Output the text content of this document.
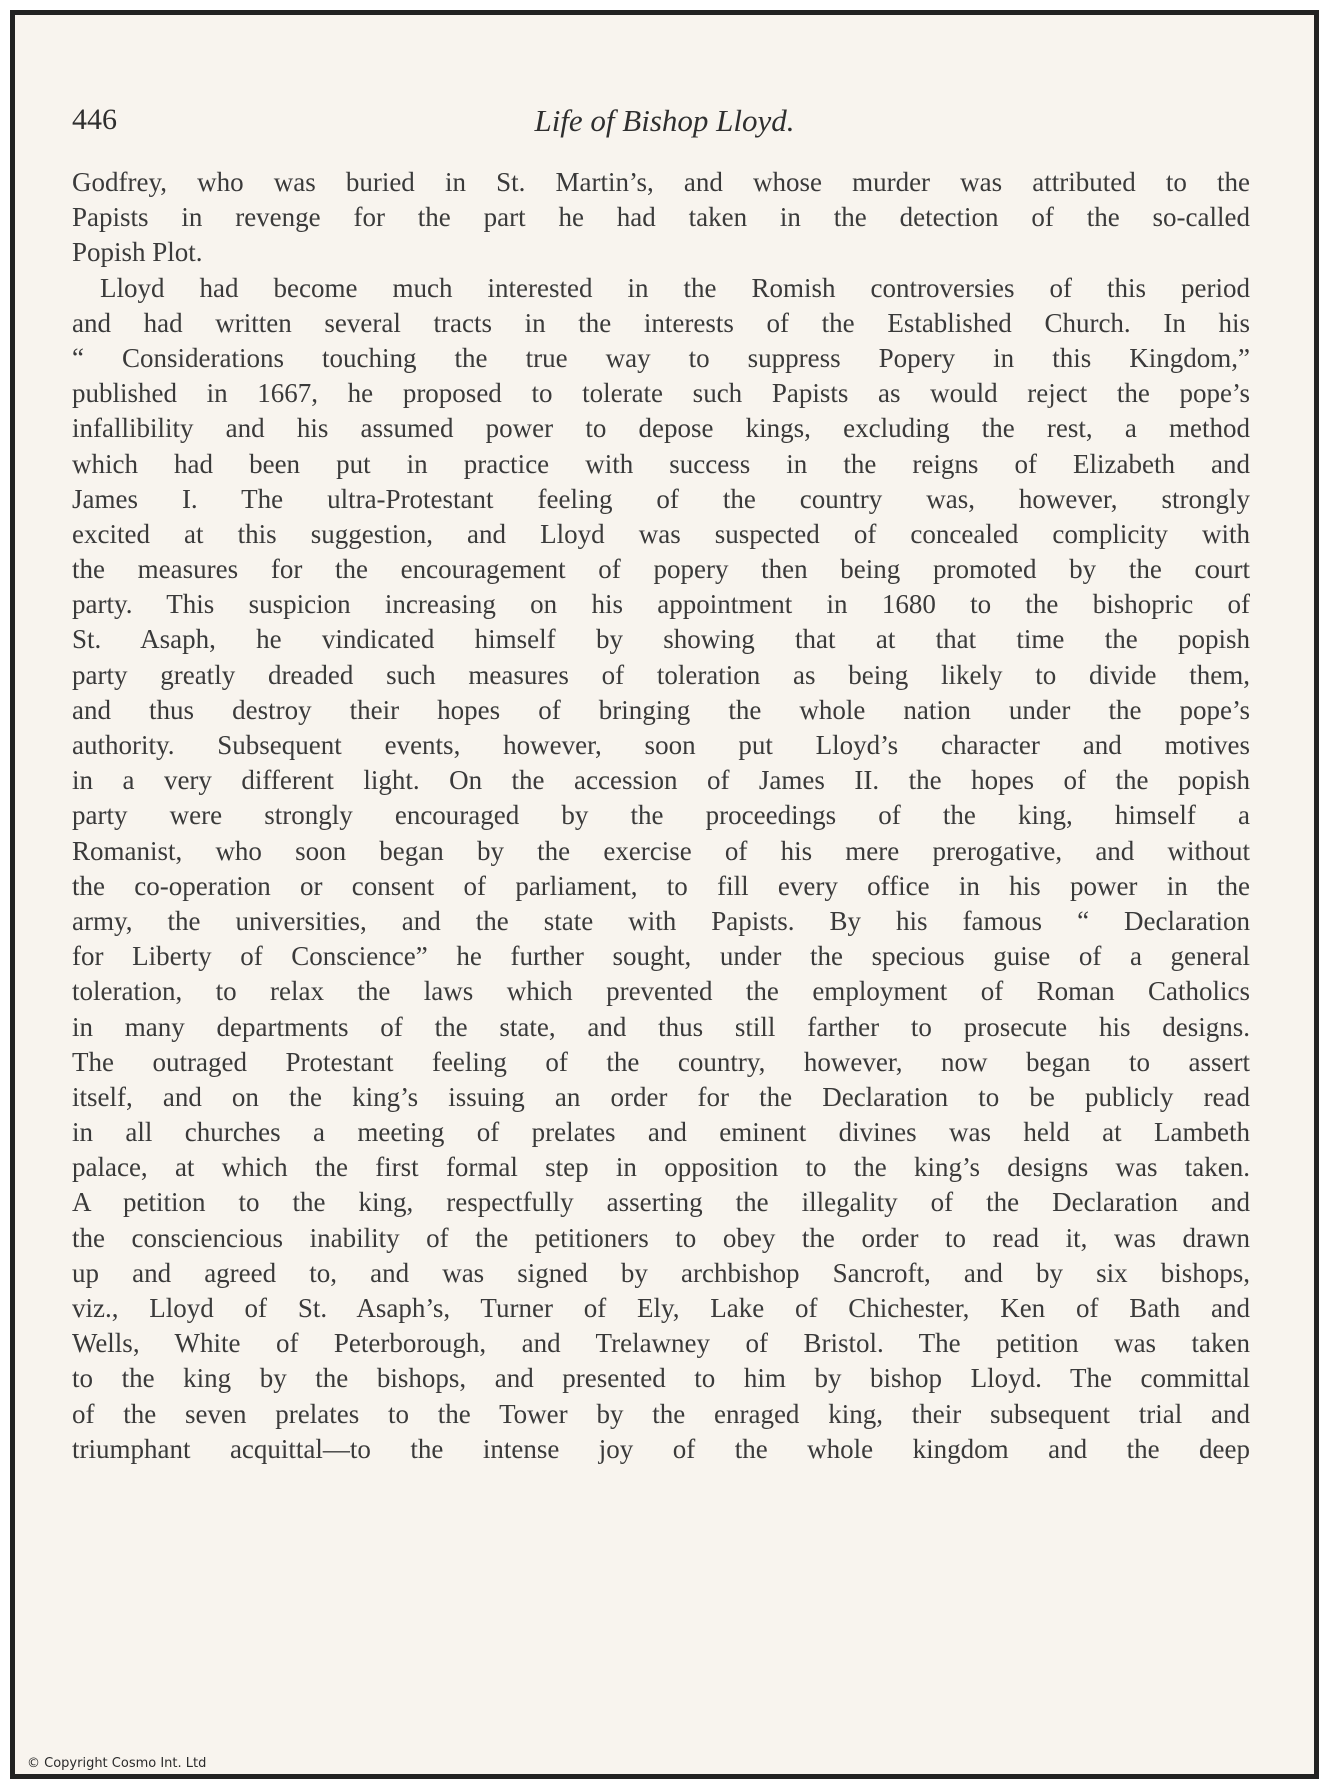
446	Life of Bishop Lloyd.
Godfrey, who was buried in St. Martin’s, and whose murder was attributed to the
Papists in revenge for the part he had taken in the detection of the so-called
Popish Plot.
Lloyd had become much interested in the Romish controversies of this period
and had written several tracts in the interests of the Established Church. In his
“ Considerations touching the true way to suppress Popery in this Kingdom,”
published in 1667, he proposed to tolerate such Papists as would reject the pope’s
infallibility and his assumed power to depose kings, excluding the rest, a method
which had been put in practice with success in the reigns of Elizabeth and
James I. The ultra-Protestant feeling of the country was, however, strongly
excited at this suggestion, and Lloyd was suspected of concealed complicity with
the measures for the encouragement of popery then being promoted by the court
party. This suspicion increasing on his appointment in 1680 to the bishopric of
St. Asaph, he vindicated himself by showing that at that time the popish
party greatly dreaded such measures of toleration as being likely to divide them,
and thus destroy their hopes of bringing the whole nation under the pope’s
authority. Subsequent events, however, soon put Lloyd’s character and motives
in a very different light. On the accession of James II. the hopes of the popish
party were strongly encouraged by the proceedings of the king, himself a
Romanist, who soon began by the exercise of his mere prerogative, and without
the co-operation or consent of parliament, to fill every office in his power in the
army, the universities, and the state with Papists. By his famous “ Declaration
for Liberty of Conscience” he further sought, under the specious guise of a general
toleration, to relax the laws which prevented the employment of Roman Catholics
in many departments of the state, and thus still farther to prosecute his designs.
The outraged Protestant feeling of the country, however, now began to assert
itself, and on the king’s issuing an order for the Declaration to be publicly read
in all churches a meeting of prelates and eminent divines was held at Lambeth
palace, at which the first formal step in opposition to the king’s designs was taken.
A petition to the king, respectfully asserting the illegality of the Declaration and
the consciencious inability of the petitioners to obey the order to read it, was drawn
up and agreed to, and was signed by archbishop Sancroft, and by six bishops,
viz., Lloyd of St. Asaph’s, Turner of Ely, Lake of Chichester, Ken of Bath and
Wells, White of Peterborough, and Trelawney of Bristol. The petition was taken
to the king by the bishops, and presented to him by bishop Lloyd. The committal
of the seven prelates to the Tower by the enraged king, their subsequent trial and
triumphant acquittal—to the intense joy of the whole kingdom and the deep
© Copyright Cosmo Int. Ltd
